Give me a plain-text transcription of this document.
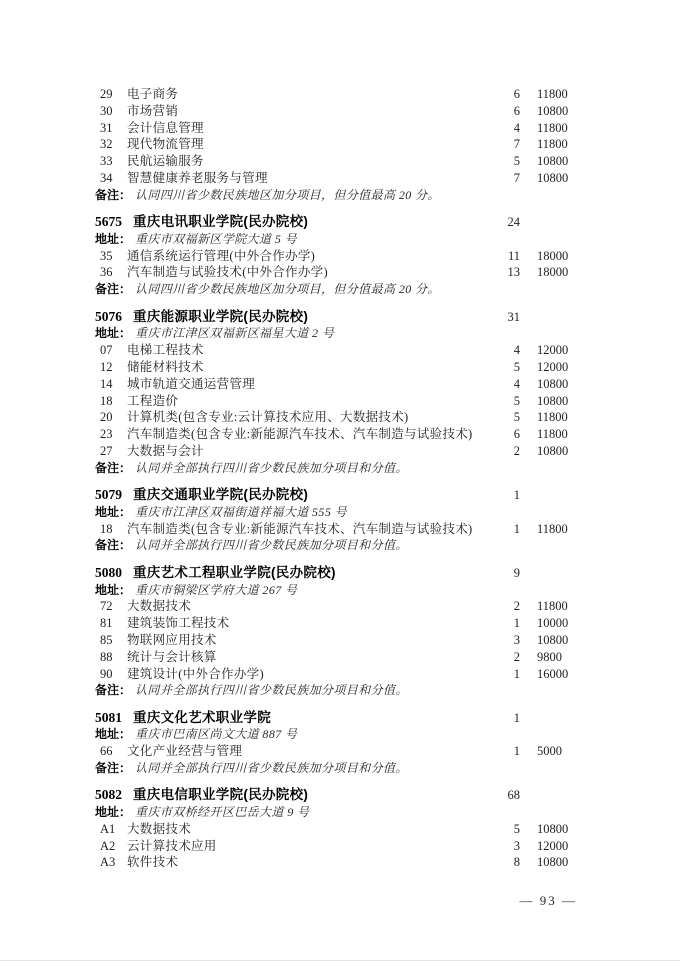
29	电子商务	6 11800
30	市场营销	6 10800
31	会计信息管理	4 11800
32	现代物流管理	7 11800
33	民航运输服务	5 10800
34	智慧健康养老服务与管理	7 10800
备注： 认同四川省少数民族地区加分项目，但分值最高 20 分。
5675 重庆电讯职业学院(民办院校)	24
地址： 重庆市双福新区学院大道 5 号
35	通信系统运行管理(中外合作办学)	11 18000
36	汽车制造与试验技术(中外合作办学)	13 18000
备注： 认同四川省少数民族地区加分项目，但分值最高 20 分。
5076 重庆能源职业学院(民办院校)	31
地址： 重庆市江津区双福新区福星大道 2 号
07	电梯工程技术	4 12000
12	储能材料技术	5 12000
14	城市轨道交通运营管理	4 10800
18	工程造价	5 10800
20	计算机类(包含专业:云计算技术应用、大数据技术)	5 11800
23	汽车制造类(包含专业:新能源汽车技术、汽车制造与试验技术)	6 11800
27	大数据与会计	2 10800
备注： 认同并全部执行四川省少数民族加分项目和分值。
5079 重庆交通职业学院(民办院校)	1
地址： 重庆市江津区双福街道祥福大道 555 号
18	汽车制造类(包含专业:新能源汽车技术、汽车制造与试验技术)	1 11800
备注： 认同并全部执行四川省少数民族加分项目和分值。
5080 重庆艺术工程职业学院(民办院校)	9
地址： 重庆市铜梁区学府大道 267 号
72	大数据技术	2 11800
81	建筑装饰工程技术	1 10000
85	物联网应用技术	3 10800
88	统计与会计核算	2 9800
90	建筑设计(中外合作办学)	1 16000
备注： 认同并全部执行四川省少数民族加分项目和分值。
5081 重庆文化艺术职业学院	1
地址： 重庆市巴南区尚文大道 887 号
66	文化产业经营与管理	1 5000
备注： 认同并全部执行四川省少数民族加分项目和分值。
5082 重庆电信职业学院(民办院校)	68
地址： 重庆市双桥经开区巴岳大道 9 号
A1 大数据技术	5 10800
A2 云计算技术应用	3 12000
A3 软件技术	8 10800
— 93 —
